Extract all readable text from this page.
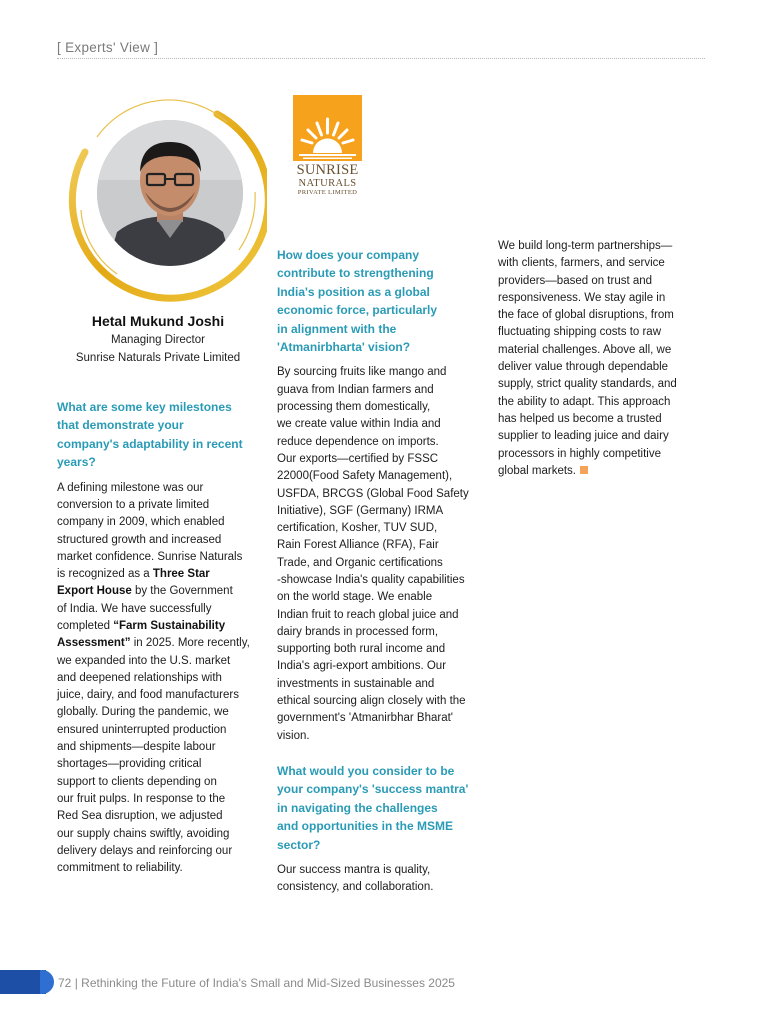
[ Experts' View ]
Hetal Mukund Joshi
Managing Director
Sunrise Naturals Private Limited
SUNRISE
NATURALS
PRIVATE LIMITED
What are some key milestones
that demonstrate your
company's adaptability in recent
years?
A defining milestone was our
conversion to a private limited
company in 2009, which enabled
structured growth and increased
market confidence. Sunrise Naturals
is recognized as a Three Star
Export House by the Government
of India. We have successfully
completed “Farm Sustainability
Assessment” in 2025. More recently,
we expanded into the U.S. market
and deepened relationships with
juice, dairy, and food manufacturers
globally. During the pandemic, we
ensured uninterrupted production
and shipments—despite labour
shortages—providing critical
support to clients depending on
our fruit pulps. In response to the
Red Sea disruption, we adjusted
our supply chains swiftly, avoiding
delivery delays and reinforcing our
commitment to reliability.
How does your company
contribute to strengthening
India's position as a global
economic force, particularly
in alignment with the
'Atmanirbharta' vision?
By sourcing fruits like mango and
guava from Indian farmers and
processing them domestically,
we create value within India and
reduce dependence on imports.
Our exports—certified by FSSC
22000(Food Safety Management),
USFDA, BRCGS (Global Food Safety
Initiative), SGF (Germany) IRMA
certification, Kosher, TUV SUD,
Rain Forest Alliance (RFA), Fair
Trade, and Organic certifications
-showcase India's quality capabilities
on the world stage. We enable
Indian fruit to reach global juice and
dairy brands in processed form,
supporting both rural income and
India's agri-export ambitions. Our
investments in sustainable and
ethical sourcing align closely with the
government's 'Atmanirbhar Bharat'
vision.
What would you consider to be
your company's 'success mantra'
in navigating the challenges
and opportunities in the MSME
sector?
Our success mantra is quality,
consistency, and collaboration.
We build long-term partnerships—
with clients, farmers, and service
providers—based on trust and
responsiveness. We stay agile in
the face of global disruptions, from
fluctuating shipping costs to raw
material challenges. Above all, we
deliver value through dependable
supply, strict quality standards, and
the ability to adapt. This approach
has helped us become a trusted
supplier to leading juice and dairy
processors in highly competitive
global markets.
72 | Rethinking the Future of India's Small and Mid-Sized Businesses 2025
